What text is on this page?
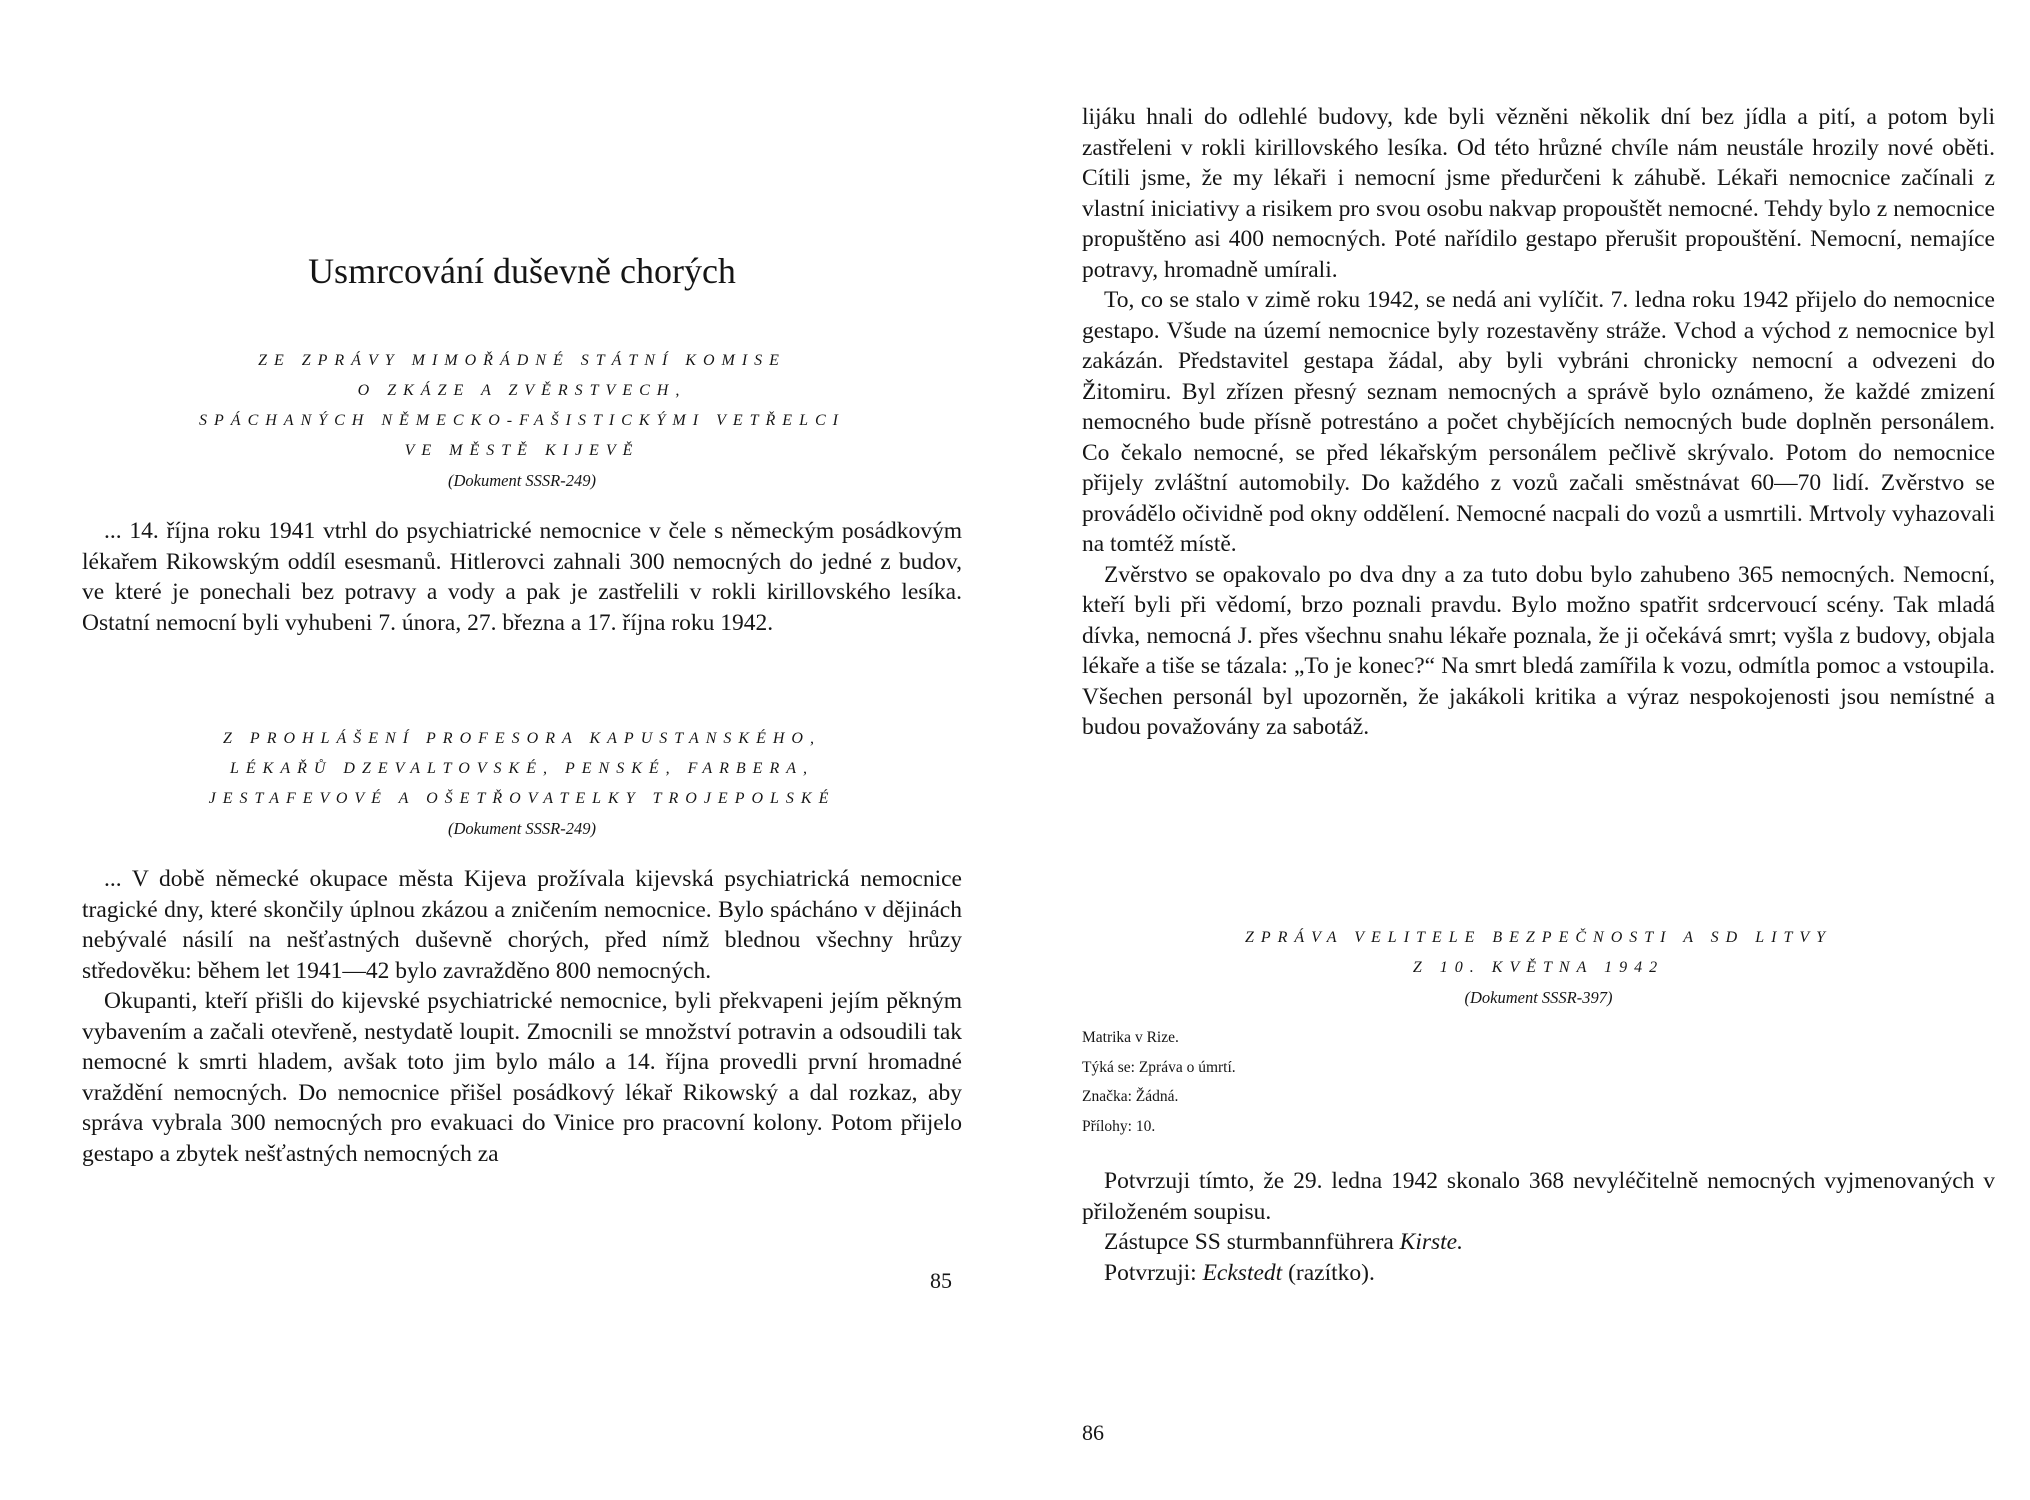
Usmrcování duševně chorých

ZE ZPRÁVY MIMOŘÁDNÉ STÁTNÍ KOMISE

O ZKÁZE A ZVĚRSTVECH,

SPÁCHANÝCH NĚMECKO-FAŠISTICKÝMI VETŘELCI

VE MĚSTĚ KIJEVĚ

(Dokument SSSR-249)

... 14. října roku 1941 vtrhl do psychiatrické nemocnice v čele s německým posádkovým lékařem Rikowským oddíl esesmanů. Hitlerovci zahnali 300 nemocných do jedné z budov, ve které je ponechali bez potravy a vody a pak je zastřelili v rokli kirillovského lesíka. Ostatní nemocní byli vyhubeni 7. února, 27. března a 17. října roku 1942.

Z PROHLÁŠENÍ PROFESORA KAPUSTANSKÉHO,

LÉKAŘŮ DZEVALTOVSKÉ, PENSKÉ, FARBERA,

JESTAFEVOVÉ A OŠETŘOVATELKY TROJEPOLSKÉ

(Dokument SSSR-249)

... V době německé okupace města Kijeva prožívala kijevská psychiatrická nemocnice tragické dny, které skončily úplnou zkázou a zničením nemocnice. Bylo spácháno v dějinách nebývalé násilí na nešťastných duševně chorých, před nímž blednou všechny hrůzy středověku: během let 1941—42 bylo zavražděno 800 nemocných.

Okupanti, kteří přišli do kijevské psychiatrické nemocnice, byli překvapeni jejím pěkným vybavením a začali otevřeně, nestydatě loupit. Zmocnili se množství potravin a odsoudili tak nemocné k smrti hladem, avšak toto jim bylo málo a 14. října provedli první hromadné vraždění nemocných. Do nemocnice přišel posádkový lékař Rikowský a dal rozkaz, aby správa vybrala 300 nemocných pro evakuaci do Vinice pro pracovní kolony. Potom přijelo gestapo a zbytek nešťastných nemocných za

85

lijáku hnali do odlehlé budovy, kde byli vězněni několik dní bez jídla a pití, a potom byli zastřeleni v rokli kirillovského lesíka. Od této hrůzné chvíle nám neustále hrozily nové oběti. Cítili jsme, že my lékaři i nemocní jsme předurčeni k záhubě. Lékaři nemocnice začínali z vlastní iniciativy a risikem pro svou osobu nakvap propouštět nemocné. Tehdy bylo z nemocnice propuštěno asi 400 nemocných. Poté nařídilo gestapo přerušit propouštění. Nemocní, nemajíce potravy, hromadně umírali.

To, co se stalo v zimě roku 1942, se nedá ani vylíčit. 7. ledna roku 1942 přijelo do nemocnice gestapo. Všude na území nemocnice byly rozestavěny stráže. Vchod a východ z nemocnice byl zakázán. Představitel gestapa žádal, aby byli vybráni chronicky nemocní a odvezeni do Žitomiru. Byl zřízen přesný seznam nemocných a správě bylo oznámeno, že každé zmizení nemocného bude přísně potrestáno a počet chybějících nemocných bude doplněn personálem. Co čekalo nemocné, se před lékařským personálem pečlivě skrývalo. Potom do nemocnice přijely zvláštní automobily. Do každého z vozů začali směstnávat 60—70 lidí. Zvěrstvo se provádělo očividně pod okny oddělení. Nemocné nacpali do vozů a usmrtili. Mrtvoly vyhazovali na tomtéž místě.

Zvěrstvo se opakovalo po dva dny a za tuto dobu bylo zahubeno 365 nemocných. Nemocní, kteří byli při vědomí, brzo poznali pravdu. Bylo možno spatřit srdcervoucí scény. Tak mladá dívka, nemocná J. přes všechnu snahu lékaře poznala, že ji očekává smrt; vyšla z budovy, objala lékaře a tiše se tázala: „To je konec?“ Na smrt bledá zamířila k vozu, odmítla pomoc a vstoupila. Všechen personál byl upozorněn, že jakákoli kritika a výraz nespokojenosti jsou nemístné a budou považovány za sabotáž.

ZPRÁVA VELITELE BEZPEČNOSTI A SD LITVY

Z 10. KVĚTNA 1942

(Dokument SSSR-397)

Matrika v Rize.

Týká se: Zpráva o úmrtí.

Značka: Žádná.

Přílohy: 10.

Potvrzuji tímto, že 29. ledna 1942 skonalo 368 nevyléčitelně nemocných vyjmenovaných v přiloženém soupisu.

Zástupce SS sturmbannführera Kirste.

Potvrzuji: Eckstedt (razítko).

86
